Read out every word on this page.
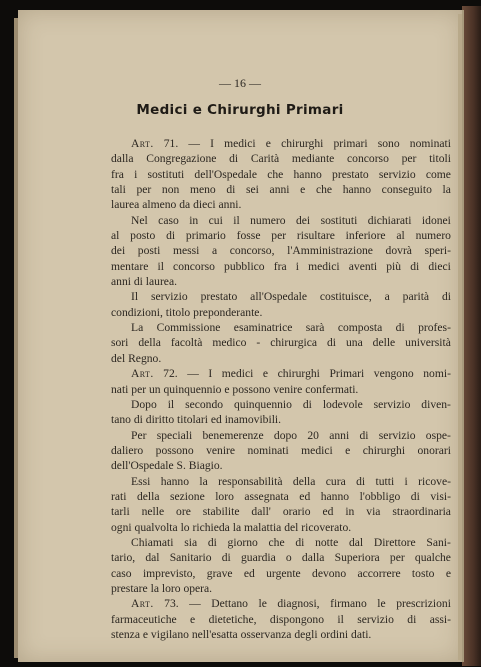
— 16 —
Medici e Chirurghi Primari
Art. 71. — I medici e chirurghi primari sono nominati
dalla Congregazione di Carità mediante concorso per titoli
fra i sostituti dell'Ospedale che hanno prestato servizio come
tali per non meno di sei anni e che hanno conseguito la
laurea almeno da dieci anni.
Nel caso in cui il numero dei sostituti dichiarati idonei
al posto di primario fosse per risultare inferiore al numero
dei posti messi a concorso, l'Amministrazione dovrà speri-
mentare il concorso pubblico fra i medici aventi più di dieci
anni di laurea.
Il servizio prestato all'Ospedale costituisce, a parità di
condizioni, titolo preponderante.
La Commissione esaminatrice sarà composta di profes-
sori della facoltà medico - chirurgica di una delle università
del Regno.
Art. 72. — I medici e chirurghi Primari vengono nomi-
nati per un quinquennio e possono venire confermati.
Dopo il secondo quinquennio di lodevole servizio diven-
tano di diritto titolari ed inamovibili.
Per speciali benemerenze dopo 20 anni di servizio ospe-
daliero possono venire nominati medici e chirurghi onorari
dell'Ospedale S. Biagio.
Essi hanno la responsabilità della cura di tutti i ricove-
rati della sezione loro assegnata ed hanno l'obbligo di visi-
tarli nelle ore stabilite dall' orario ed in via straordinaria
ogni qualvolta lo richieda la malattia del ricoverato.
Chiamati sia di giorno che di notte dal Direttore Sani-
tario, dal Sanitario di guardia o dalla Superiora per qualche
caso imprevisto, grave ed urgente devono accorrere tosto e
prestare la loro opera.
Art. 73. — Dettano le diagnosi, firmano le prescrizioni
farmaceutiche e dietetiche, dispongono il servizio di assi-
stenza e vigilano nell'esatta osservanza degli ordini dati.
